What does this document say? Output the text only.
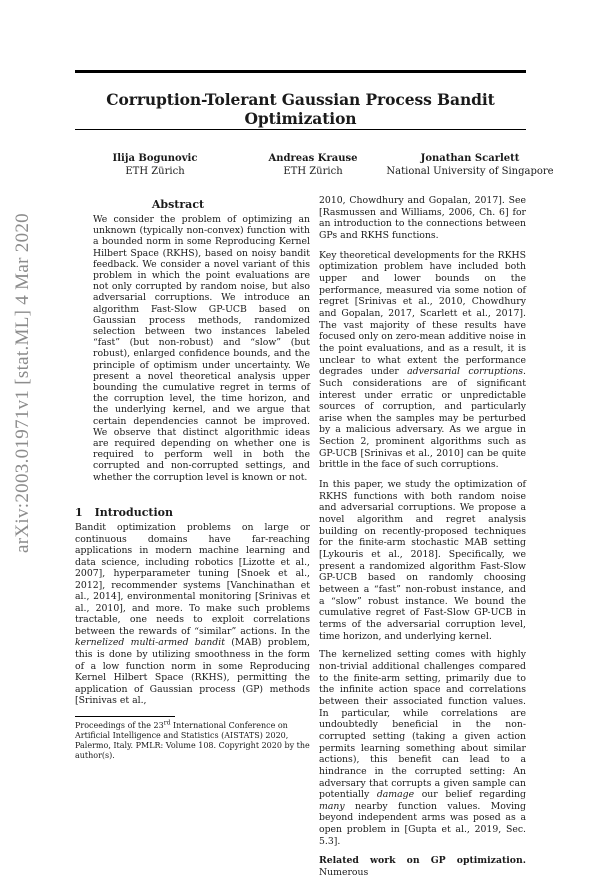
Corruption-Tolerant Gaussian Process Bandit Optimization
arXiv:2003.01971v1 [stat.ML] 4 Mar 2020
Ilija Bogunovic
ETH Zürich
Andreas Krause
ETH Zürich
Jonathan Scarlett
National University of Singapore
Abstract
We consider the problem of optimizing an unknown (typically non-convex) function with a bounded norm in some Reproducing Kernel Hilbert Space (RKHS), based on noisy bandit feedback. We consider a novel variant of this problem in which the point evaluations are not only corrupted by random noise, but also adversarial corruptions. We introduce an algorithm Fast-Slow GP-UCB based on Gaussian process methods, randomized selection between two instances labeled “fast” (but non-robust) and “slow” (but robust), enlarged confidence bounds, and the principle of optimism under uncertainty. We present a novel theoretical analysis upper bounding the cumulative regret in terms of the corruption level, the time horizon, and the underlying kernel, and we argue that certain dependencies cannot be improved. We observe that distinct algorithmic ideas are required depending on whether one is required to perform well in both the corrupted and non-corrupted settings, and whether the corruption level is known or not.
1 Introduction
Bandit optimization problems on large or continuous domains have far-reaching applications in modern machine learning and data science, including robotics [Lizotte et al., 2007], hyperparameter tuning [Snoek et al., 2012], recommender systems [Vanchinathan et al., 2014], environmental monitoring [Srinivas et al., 2010], and more. To make such problems tractable, one needs to exploit correlations between the rewards of “similar” actions. In the kernelized multi-armed bandit (MAB) problem, this is done by utilizing smoothness in the form of a low function norm in some Reproducing Kernel Hilbert Space (RKHS), permitting the application of Gaussian process (GP) methods [Srinivas et al.,
Proceedings of the 23rd International Conference on Artificial Intelligence and Statistics (AISTATS) 2020, Palermo, Italy. PMLR: Volume 108. Copyright 2020 by the author(s).

2010, Chowdhury and Gopalan, 2017]. See [Rasmussen and Williams, 2006, Ch. 6] for an introduction to the connections between GPs and RKHS functions.

Key theoretical developments for the RKHS optimization problem have included both upper and lower bounds on the performance, measured via some notion of regret [Srinivas et al., 2010, Chowdhury and Gopalan, 2017, Scarlett et al., 2017]. The vast majority of these results have focused only on zero-mean additive noise in the point evaluations, and as a result, it is unclear to what extent the performance degrades under adversarial corruptions. Such considerations are of significant interest under erratic or unpredictable sources of corruption, and particularly arise when the samples may be perturbed by a malicious adversary. As we argue in Section 2, prominent algorithms such as GP-UCB [Srinivas et al., 2010] can be quite brittle in the face of such corruptions.

In this paper, we study the optimization of RKHS functions with both random noise and adversarial corruptions. We propose a novel algorithm and regret analysis building on recently-proposed techniques for the finite-arm stochastic MAB setting [Lykouris et al., 2018]. Specifically, we present a randomized algorithm Fast-Slow GP-UCB based on randomly choosing between a “fast” non-robust instance, and a “slow” robust instance. We bound the cumulative regret of Fast-Slow GP-UCB in terms of the adversarial corruption level, time horizon, and underlying kernel.

The kernelized setting comes with highly non-trivial additional challenges compared to the finite-arm setting, primarily due to the infinite action space and correlations between their associated function values. In particular, while correlations are undoubtedly beneficial in the non-corrupted setting (taking a given action permits learning something about similar actions), this benefit can lead to a hindrance in the corrupted setting: An adversary that corrupts a given sample can potentially damage our belief regarding many nearby function values. Moving beyond independent arms was posed as a open problem in [Gupta et al., 2019, Sec. 5.3].

Related work on GP optimization. Numerous
